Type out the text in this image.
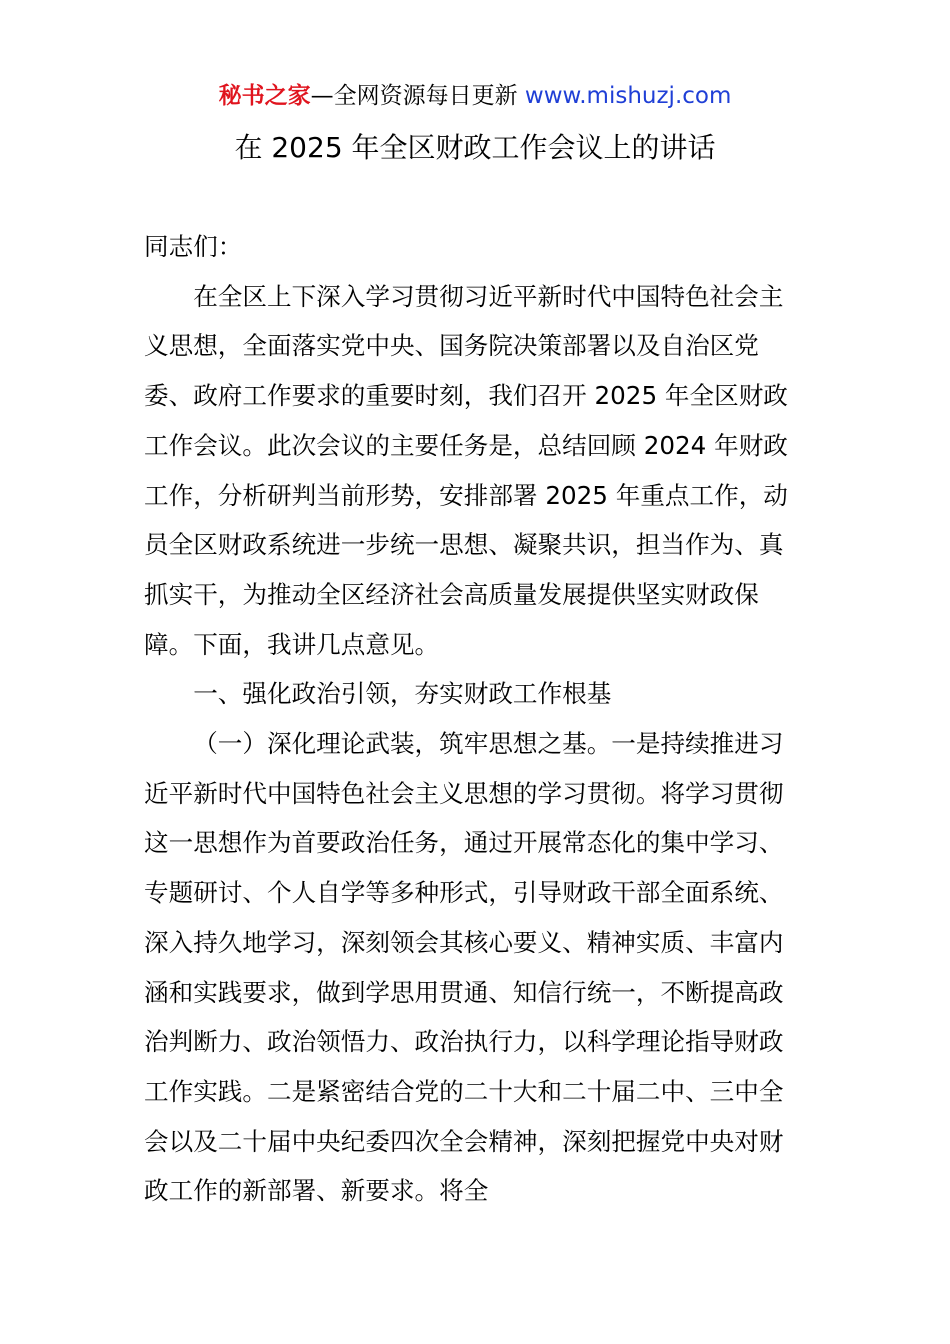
秘书之家—全网资源每日更新 www.mishuzj.com
在 2025 年全区财政工作会议上的讲话

同志们：

在全区上下深入学习贯彻习近平新时代中国特色社会主义思想，全面落实党中央、国务院决策部署以及自治区党委、政府工作要求的重要时刻，我们召开 2025 年全区财政工作会议。此次会议的主要任务是，总结回顾 2024 年财政工作，分析研判当前形势，安排部署 2025 年重点工作，动员全区财政系统进一步统一思想、凝聚共识，担当作为、真抓实干，为推动全区经济社会高质量发展提供坚实财政保障。下面，我讲几点意见。

一、强化政治引领，夯实财政工作根基

（一）深化理论武装，筑牢思想之基。一是持续推进习近平新时代中国特色社会主义思想的学习贯彻。将学习贯彻这一思想作为首要政治任务，通过开展常态化的集中学习、专题研讨、个人自学等多种形式，引导财政干部全面系统、深入持久地学习，深刻领会其核心要义、精神实质、丰富内涵和实践要求，做到学思用贯通、知信行统一，不断提高政治判断力、政治领悟力、政治执行力，以科学理论指导财政工作实践。二是紧密结合党的二十大和二十届二中、三中全会以及二十届中央纪委四次全会精神，深刻把握党中央对财政工作的新部署、新要求。将全
